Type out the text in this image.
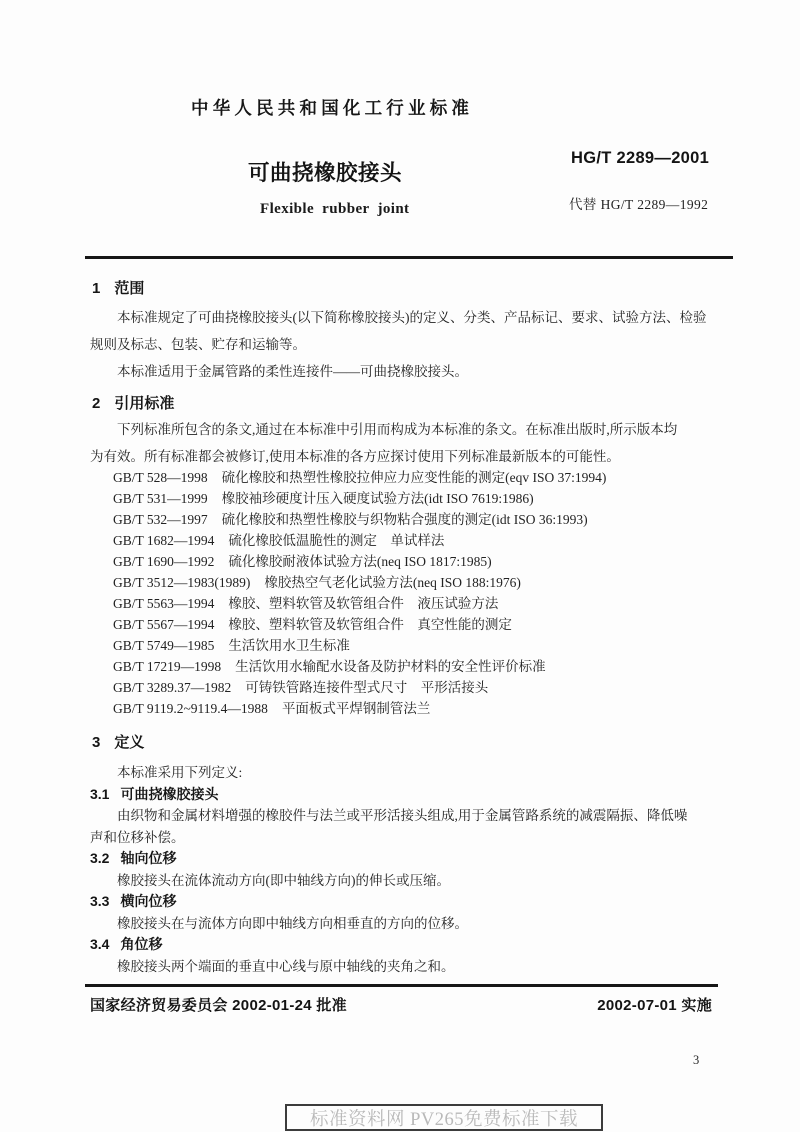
中华人民共和国化工行业标准
可曲挠橡胶接头
Flexible rubber joint
HG/T 2289—2001
代替 HG/T 2289—1992
1 范围
本标准规定了可曲挠橡胶接头(以下简称橡胶接头)的定义、分类、产品标记、要求、试验方法、检验
规则及标志、包装、贮存和运输等。
本标准适用于金属管路的柔性连接件——可曲挠橡胶接头。
2 引用标准
下列标准所包含的条文,通过在本标准中引用而构成为本标准的条文。在标准出版时,所示版本均
为有效。所有标准都会被修订,使用本标准的各方应探讨使用下列标准最新版本的可能性。
GB/T 528—1998 硫化橡胶和热塑性橡胶拉伸应力应变性能的测定(eqv ISO 37:1994)
GB/T 531—1999 橡胶袖珍硬度计压入硬度试验方法(idt ISO 7619:1986)
GB/T 532—1997 硫化橡胶和热塑性橡胶与织物粘合强度的测定(idt ISO 36:1993)
GB/T 1682—1994 硫化橡胶低温脆性的测定　单试样法
GB/T 1690—1992 硫化橡胶耐液体试验方法(neq ISO 1817:1985)
GB/T 3512—1983(1989) 橡胶热空气老化试验方法(neq ISO 188:1976)
GB/T 5563—1994 橡胶、塑料软管及软管组合件　液压试验方法
GB/T 5567—1994 橡胶、塑料软管及软管组合件　真空性能的测定
GB/T 5749—1985 生活饮用水卫生标准
GB/T 17219—1998 生活饮用水输配水设备及防护材料的安全性评价标准
GB/T 3289.37—1982 可铸铁管路连接件型式尺寸　平形活接头
GB/T 9119.2~9119.4—1988 平面板式平焊钢制管法兰
3 定义
本标准采用下列定义:
3.1 可曲挠橡胶接头
由织物和金属材料增强的橡胶件与法兰或平形活接头组成,用于金属管路系统的减震隔振、降低噪
声和位移补偿。
3.2 轴向位移
橡胶接头在流体流动方向(即中轴线方向)的伸长或压缩。
3.3 横向位移
橡胶接头在与流体方向即中轴线方向相垂直的方向的位移。
3.4 角位移
橡胶接头两个端面的垂直中心线与原中轴线的夹角之和。
国家经济贸易委员会 2002-01-24 批准	2002-07-01 实施
3
标准资料网 PV265免费标准下载
